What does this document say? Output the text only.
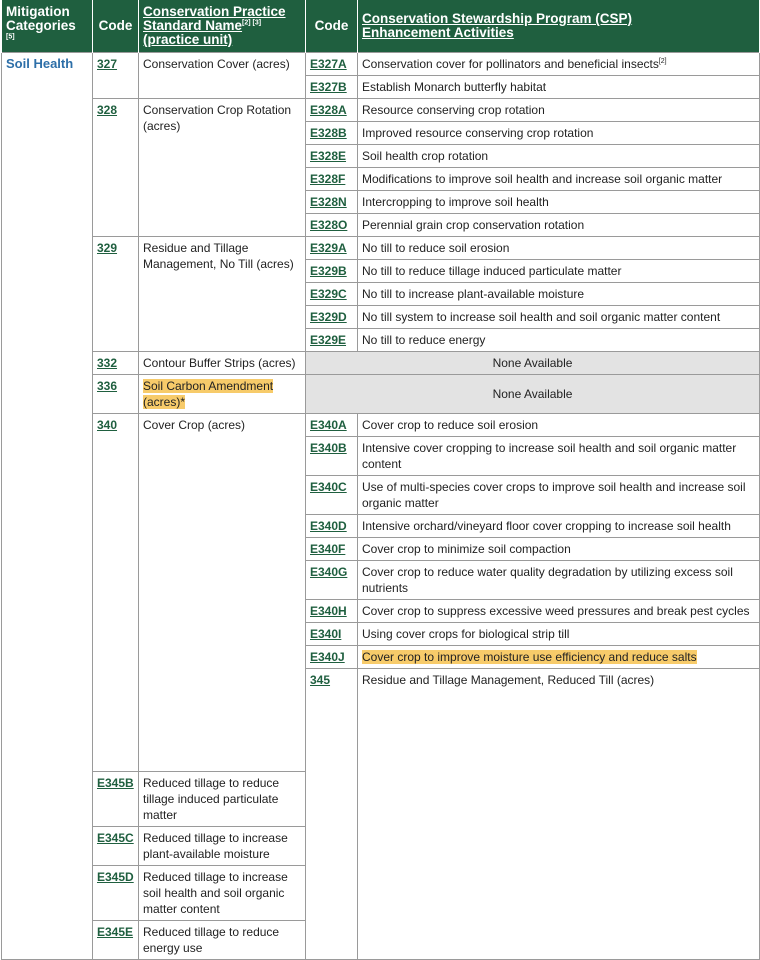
Mitigation
Categories [5]	Code	Conservation Practice
Standard Name[2] [3]
(practice unit)	Code	Conservation Stewardship Program (CSP)
Enhancement Activities	
Soil Health	327	Conservation Cover (acres)	E327A	Conservation cover for pollinators and beneficial insects[2]
			E327B	Establish Monarch butterfly habitat	
	328	Conservation Crop Rotation (acres)	E328A	Resource conserving crop rotation	
			E328B	Improved resource conserving crop rotation	
			E328E	Soil health crop rotation	
			E328F	Modifications to improve soil health and increase soil organic matter	
			E328N	Intercropping to improve soil health	
			E328O	Perennial grain crop conservation rotation	
	329	Residue and Tillage Management, No Till (acres)	E329A	No till to reduce soil erosion	
			E329B	No till to reduce tillage induced particulate matter	
			E329C	No till to increase plant-available moisture	
			E329D	No till system to increase soil health and soil organic matter content	
			E329E	No till to reduce energy	
	332	Contour Buffer Strips (acres)	None Available		
	336	Soil Carbon Amendment (acres)*	None Available		
	340	Cover Crop (acres)	E340A	Cover crop to reduce soil erosion	
			E340B	Intensive cover cropping to increase soil health and soil organic matter content	
			E340C	Use of multi-species cover crops to improve soil health and increase soil organic matter	
			E340D	Intensive orchard/vineyard floor cover cropping to increase soil health	
			E340F	Cover crop to minimize soil compaction	
			E340G	Cover crop to reduce water quality degradation by utilizing excess soil nutrients	
			E340H	Cover crop to suppress excessive weed pressures and break pest cycles	
			E340I	Using cover crops for biological strip till	
			E340J	Cover crop to improve moisture use efficiency and reduce salts	
			345	Residue and Tillage Management, Reduced Till (acres)		
	E345B	Reduced tillage to reduce tillage induced particulate matter			
	E345C	Reduced tillage to increase plant-available moisture			
	E345D	Reduced tillage to increase soil health and soil organic matter content			
	E345E	Reduced tillage to reduce energy use			
